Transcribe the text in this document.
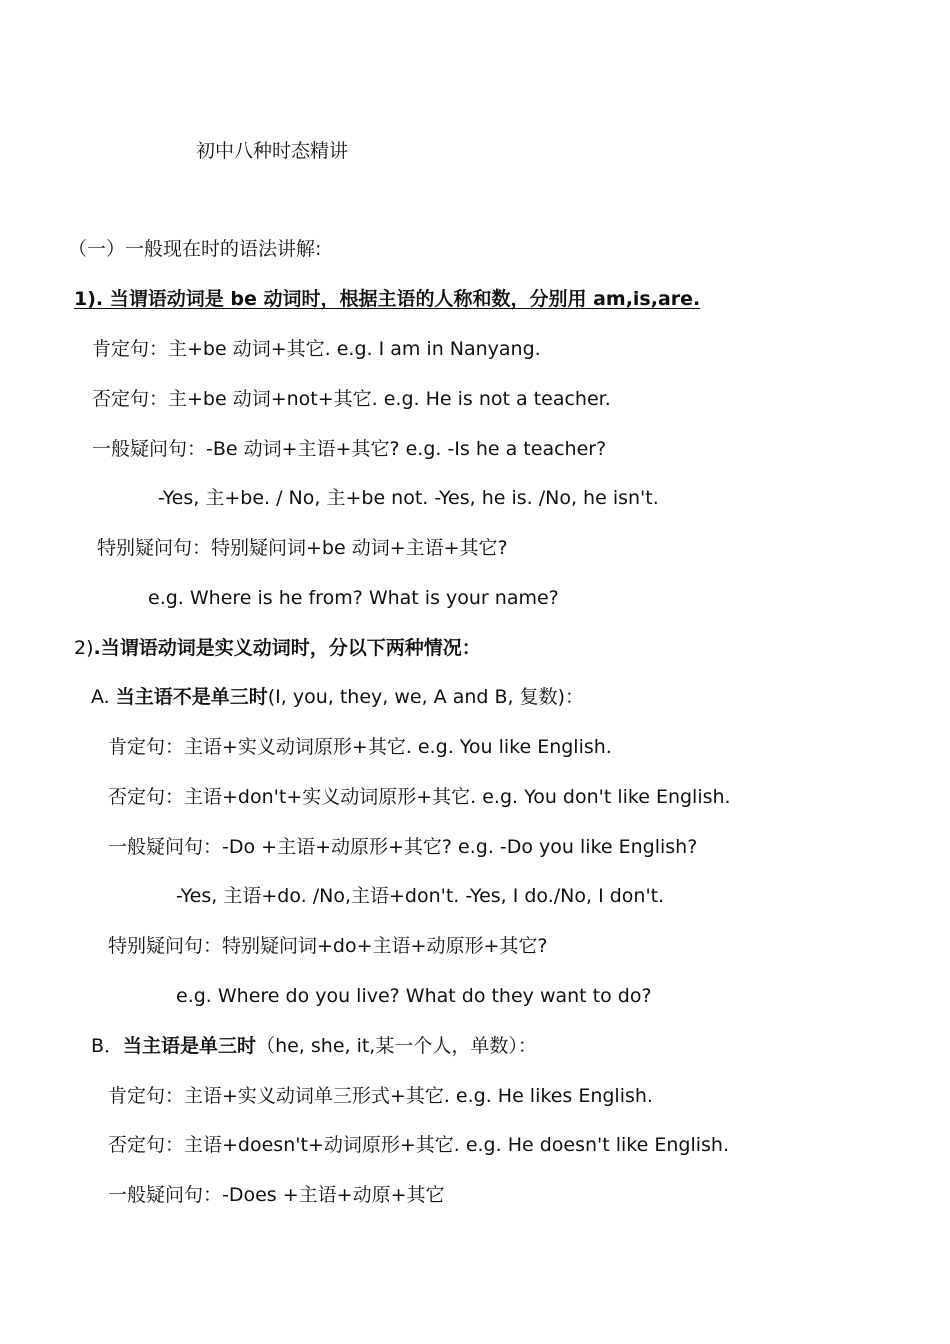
初中八种时态精讲

（一）一般现在时的语法讲解:

1). 当谓语动词是 be 动词时，根据主语的人称和数，分别用 am,is,are.

肯定句：主+be 动词+其它. e.g. I am in Nanyang.

否定句：主+be 动词+not+其它. e.g. He is not a teacher.

一般疑问句：-Be 动词+主语+其它? e.g. -Is he a teacher?

-Yes, 主+be. / No, 主+be not. -Yes, he is. /No, he isn't.

特别疑问句：特别疑问词+be 动词+主语+其它?

e.g. Where is he from? What is your name?

2).当谓语动词是实义动词时，分以下两种情况：

A. 当主语不是单三时(I, you, they, we, A and B, 复数)：

肯定句：主语+实义动词原形+其它. e.g. You like English.

否定句：主语+don't+实义动词原形+其它. e.g. You don't like English.

一般疑问句：-Do +主语+动原形+其它? e.g. -Do you like English?

-Yes, 主语+do. /No,主语+don't. -Yes, I do./No, I don't.

特别疑问句：特别疑问词+do+主语+动原形+其它?

e.g. Where do you live? What do they want to do?

B．当主语是单三时（he, she, it,某一个人，单数）：

肯定句：主语+实义动词单三形式+其它. e.g. He likes English.

否定句：主语+doesn't+动词原形+其它. e.g. He doesn't like English.

一般疑问句：-Does +主语+动原+其它
